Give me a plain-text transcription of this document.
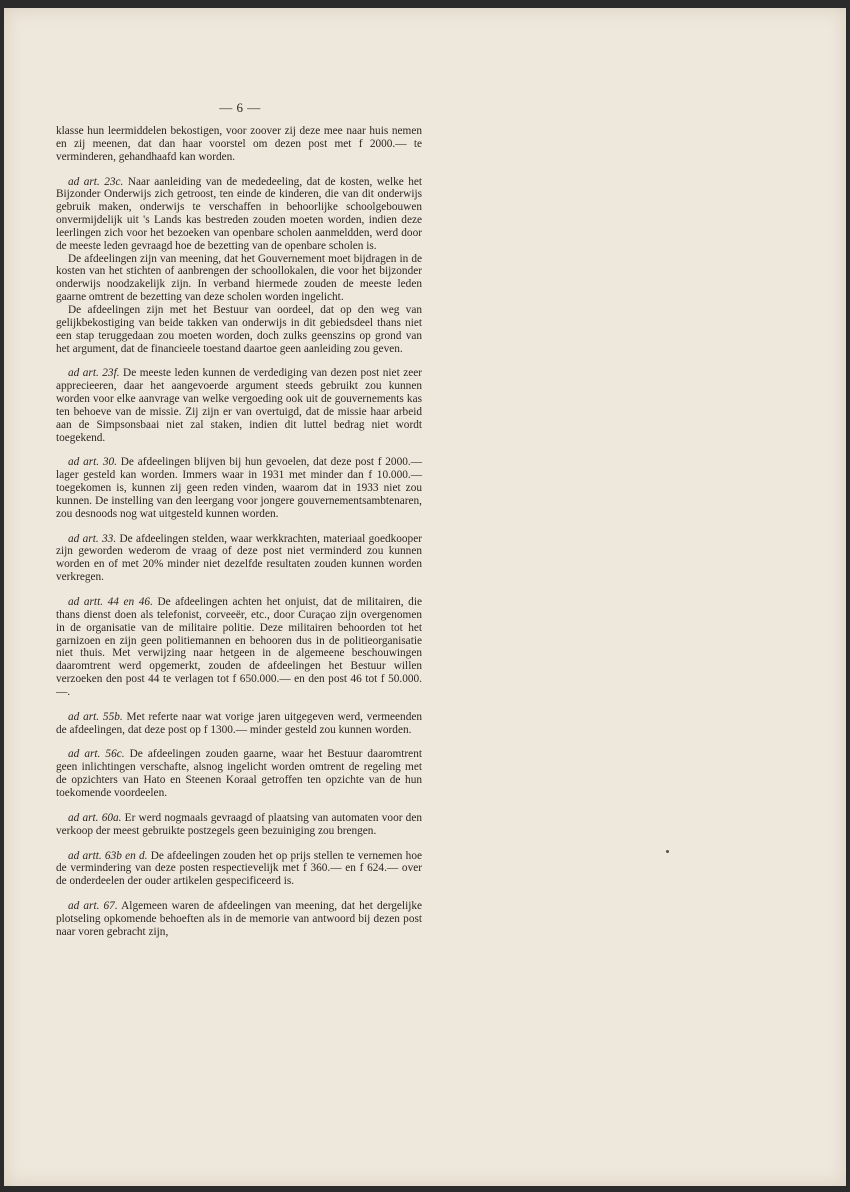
— 6 —

klasse hun leermiddelen bekostigen, voor zoover zij deze mee naar huis nemen en zij meenen, dat dan haar voorstel om dezen post met f 2000.— te verminderen, gehandhaafd kan worden.

ad art. 23c. Naar aanleiding van de mededeeling, dat de kosten, welke het Bijzonder Onderwijs zich getroost, ten einde de kinderen, die van dit onderwijs gebruik maken, onderwijs te verschaffen in behoorlijke schoolgebouwen onvermijdelijk uit 's Lands kas bestreden zouden moeten worden, indien deze leerlingen zich voor het bezoeken van openbare scholen aanmeldden, werd door de meeste leden gevraagd hoe de bezetting van de openbare scholen is.

De afdeelingen zijn van meening, dat het Gouvernement moet bijdragen in de kosten van het stichten of aanbrengen der schoollokalen, die voor het bijzonder onderwijs noodzakelijk zijn. In verband hiermede zouden de meeste leden gaarne omtrent de bezetting van deze scholen worden ingelicht.

De afdeelingen zijn met het Bestuur van oordeel, dat op den weg van gelijkbekostiging van beide takken van onderwijs in dit gebiedsdeel thans niet een stap teruggedaan zou moeten worden, doch zulks geenszins op grond van het argument, dat de financieele toestand daartoe geen aanleiding zou geven.

ad art. 23f. De meeste leden kunnen de verdediging van dezen post niet zeer apprecieeren, daar het aangevoerde argument steeds gebruikt zou kunnen worden voor elke aanvrage van welke vergoeding ook uit de gouvernements kas ten behoeve van de missie. Zij zijn er van overtuigd, dat de missie haar arbeid aan de Simpsonsbaai niet zal staken, indien dit luttel bedrag niet wordt toegekend.

ad art. 30. De afdeelingen blijven bij hun gevoelen, dat deze post f 2000.— lager gesteld kan worden. Immers waar in 1931 met minder dan f 10.000.— toegekomen is, kunnen zij geen reden vinden, waarom dat in 1933 niet zou kunnen. De instelling van den leergang voor jongere gouvernementsambtenaren, zou desnoods nog wat uitgesteld kunnen worden.

ad art. 33. De afdeelingen stelden, waar werkkrachten, materiaal goedkooper zijn geworden wederom de vraag of deze post niet verminderd zou kunnen worden en of met 20% minder niet dezelfde resultaten zouden kunnen worden verkregen.

ad artt. 44 en 46. De afdeelingen achten het onjuist, dat de militairen, die thans dienst doen als telefonist, corveeër, etc., door Curaçao zijn overgenomen in de organisatie van de militaire politie. Deze militairen behoorden tot het garnizoen en zijn geen politiemannen en behooren dus in de politieorganisatie niet thuis. Met verwijzing naar hetgeen in de algemeene beschouwingen daaromtrent werd opgemerkt, zouden de afdeelingen het Bestuur willen verzoeken den post 44 te verlagen tot f 650.000.— en den post 46 tot f 50.000.—.

ad art. 55b. Met referte naar wat vorige jaren uitgegeven werd, vermeenden de afdeelingen, dat deze post op f 1300.— minder gesteld zou kunnen worden.

ad art. 56c. De afdeelingen zouden gaarne, waar het Bestuur daaromtrent geen inlichtingen verschafte, alsnog ingelicht worden omtrent de regeling met de opzichters van Hato en Steenen Koraal getroffen ten opzichte van de hun toekomende voordeelen.

ad art. 60a. Er werd nogmaals gevraagd of plaatsing van automaten voor den verkoop der meest gebruikte postzegels geen bezuiniging zou brengen.

ad artt. 63b en d. De afdeelingen zouden het op prijs stellen te vernemen hoe de vermindering van deze posten respectievelijk met f 360.— en f 624.— over de onderdeelen der ouder artikelen gespecificeerd is.

ad art. 67. Algemeen waren de afdeelingen van meening, dat het dergelijke plotseling opkomende behoeften als in de memorie van antwoord bij dezen post naar voren gebracht zijn,
